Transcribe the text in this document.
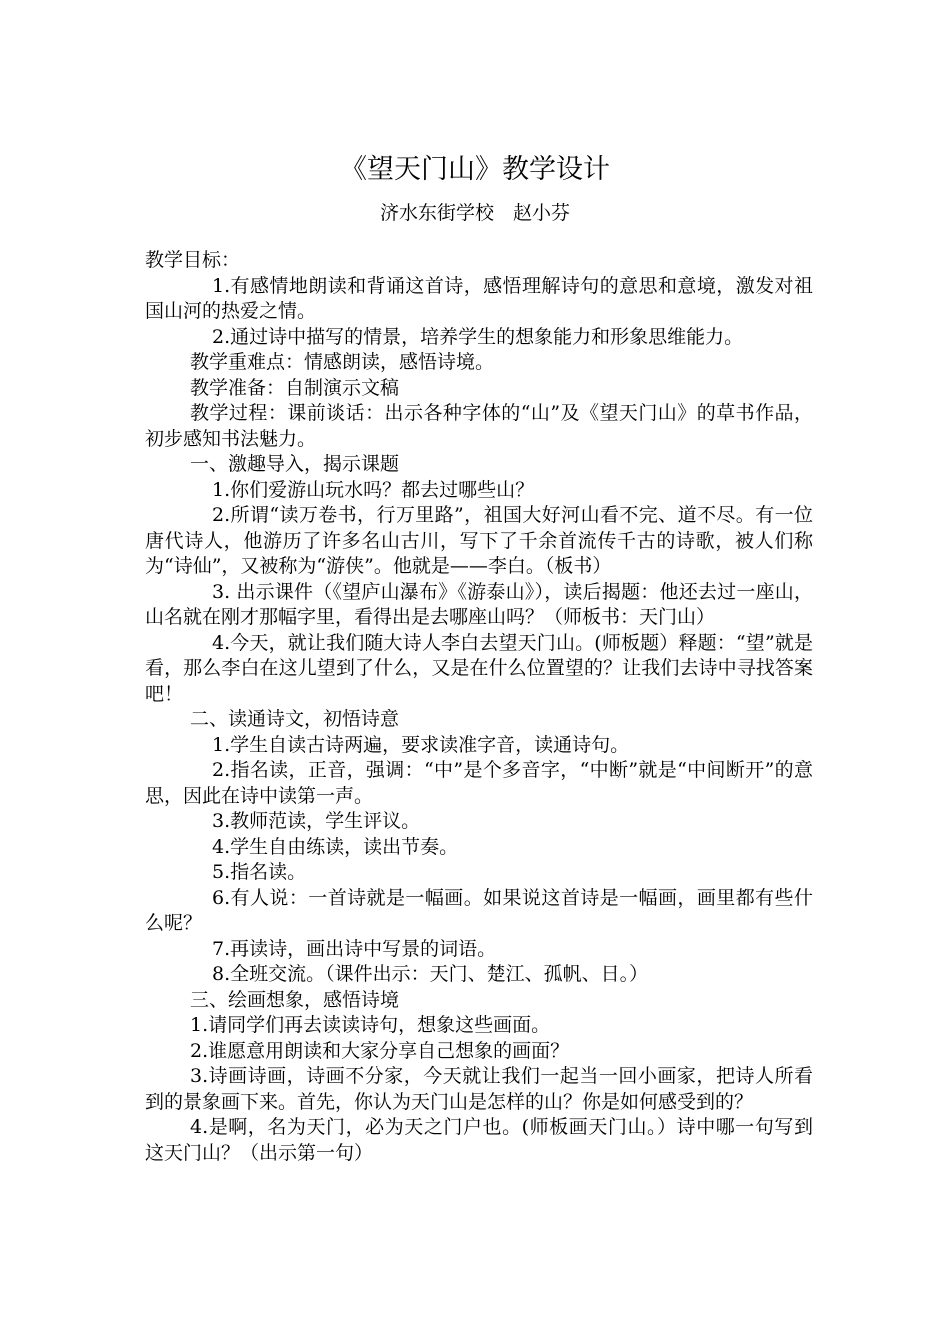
《望天门山》教学设计
济水东街学校　赵小芬

教学目标：

1.有感情地朗读和背诵这首诗，感悟理解诗句的意思和意境，激发对祖国山河的热爱之情。

2.通过诗中描写的情景，培养学生的想象能力和形象思维能力。

教学重难点：情感朗读，感悟诗境。

教学准备：自制演示文稿

教学过程：课前谈话：出示各种字体的“山”及《望天门山》的草书作品，初步感知书法魅力。

一、激趣导入，揭示课题

1.你们爱游山玩水吗？都去过哪些山？

2.所谓“读万卷书，行万里路”，祖国大好河山看不完、道不尽。有一位唐代诗人，他游历了许多名山古川，写下了千余首流传千古的诗歌，被人们称为“诗仙”，又被称为“游侠”。他就是——李白。（板书）

3. 出示课件（《望庐山瀑布》《游泰山》），读后揭题：他还去过一座山，山名就在刚才那幅字里，看得出是去哪座山吗？（师板书：天门山）

4.今天，就让我们随大诗人李白去望天门山。(师板题）释题：“望”就是看，那么李白在这儿望到了什么，又是在什么位置望的？让我们去诗中寻找答案吧！

二、读通诗文，初悟诗意

1.学生自读古诗两遍，要求读准字音，读通诗句。

2.指名读，正音，强调：“中”是个多音字，“中断”就是“中间断开”的意思，因此在诗中读第一声。

3.教师范读，学生评议。

4.学生自由练读，读出节奏。

5.指名读。

6.有人说：一首诗就是一幅画。如果说这首诗是一幅画，画里都有些什么呢？

7.再读诗，画出诗中写景的词语。

8.全班交流。（课件出示：天门、楚江、孤帆、日。）

三、绘画想象，感悟诗境

1.请同学们再去读读诗句，想象这些画面。

2.谁愿意用朗读和大家分享自己想象的画面？

3.诗画诗画，诗画不分家，今天就让我们一起当一回小画家，把诗人所看到的景象画下来。首先，你认为天门山是怎样的山？你是如何感受到的？

4.是啊，名为天门，必为天之门户也。(师板画天门山。）诗中哪一句写到这天门山？（出示第一句）
